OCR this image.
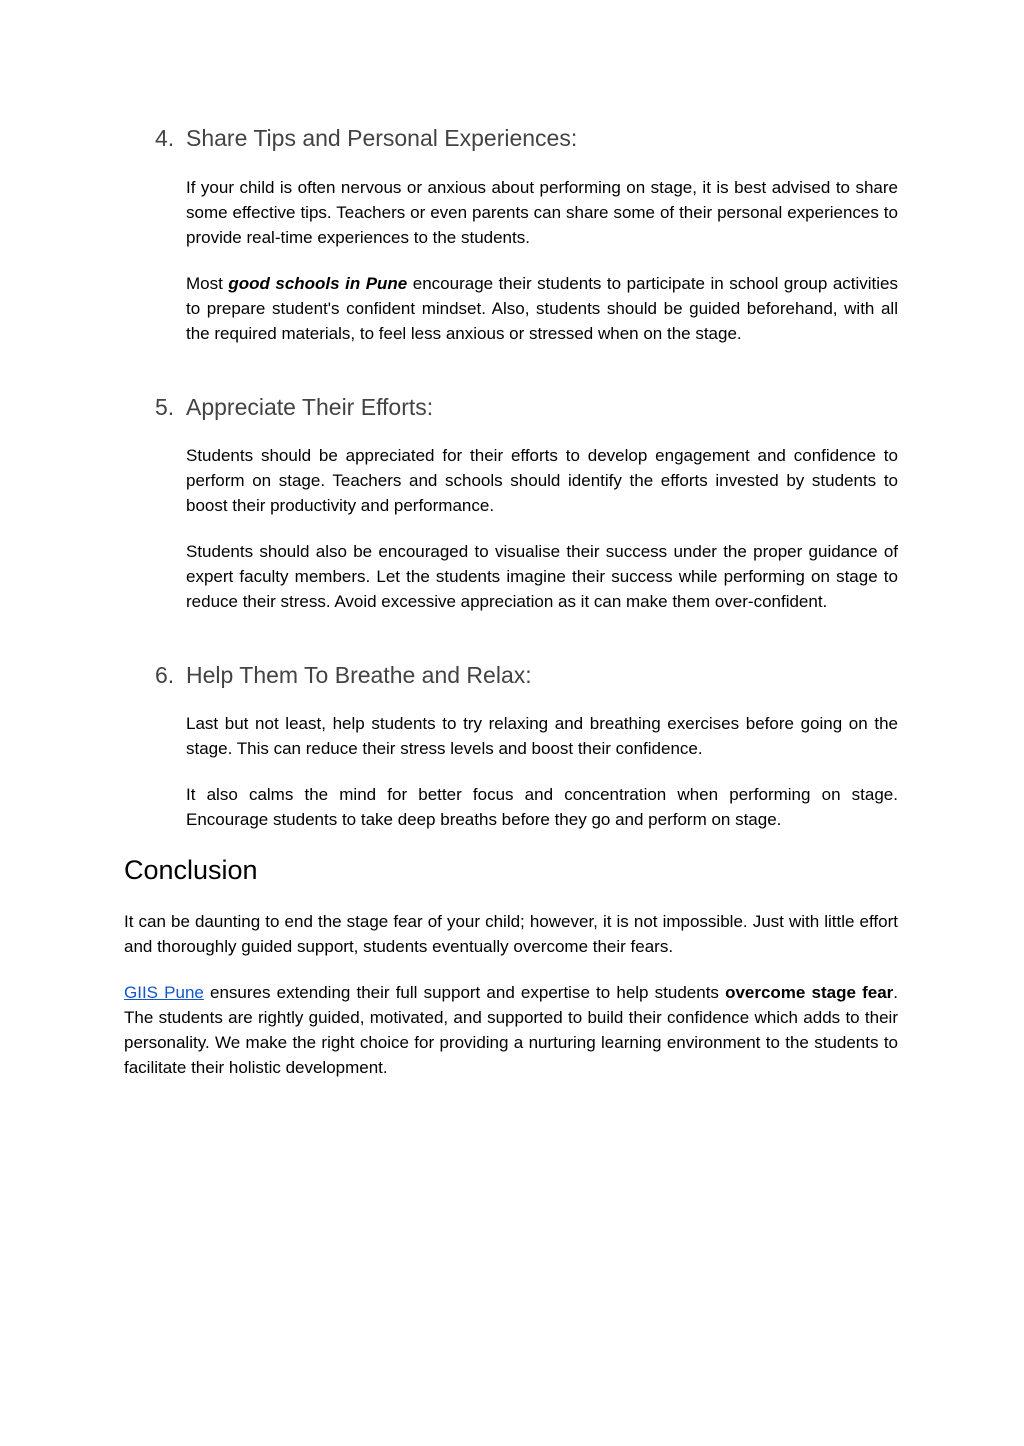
4. Share Tips and Personal Experiences:

If your child is often nervous or anxious about performing on stage, it is best advised to share some effective tips. Teachers or even parents can share some of their personal experiences to provide real-time experiences to the students.

Most good schools in Pune encourage their students to participate in school group activities to prepare student's confident mindset. Also, students should be guided beforehand, with all the required materials, to feel less anxious or stressed when on the stage.

5. Appreciate Their Efforts:

Students should be appreciated for their efforts to develop engagement and confidence to perform on stage. Teachers and schools should identify the efforts invested by students to boost their productivity and performance.

Students should also be encouraged to visualise their success under the proper guidance of expert faculty members. Let the students imagine their success while performing on stage to reduce their stress. Avoid excessive appreciation as it can make them over-confident.

6. Help Them To Breathe and Relax:

Last but not least, help students to try relaxing and breathing exercises before going on the stage. This can reduce their stress levels and boost their confidence.

It also calms the mind for better focus and concentration when performing on stage. Encourage students to take deep breaths before they go and perform on stage.

Conclusion

It can be daunting to end the stage fear of your child; however, it is not impossible. Just with little effort and thoroughly guided support, students eventually overcome their fears.

GIIS Pune ensures extending their full support and expertise to help students overcome stage fear. The students are rightly guided, motivated, and supported to build their confidence which adds to their personality. We make the right choice for providing a nurturing learning environment to the students to facilitate their holistic development.
